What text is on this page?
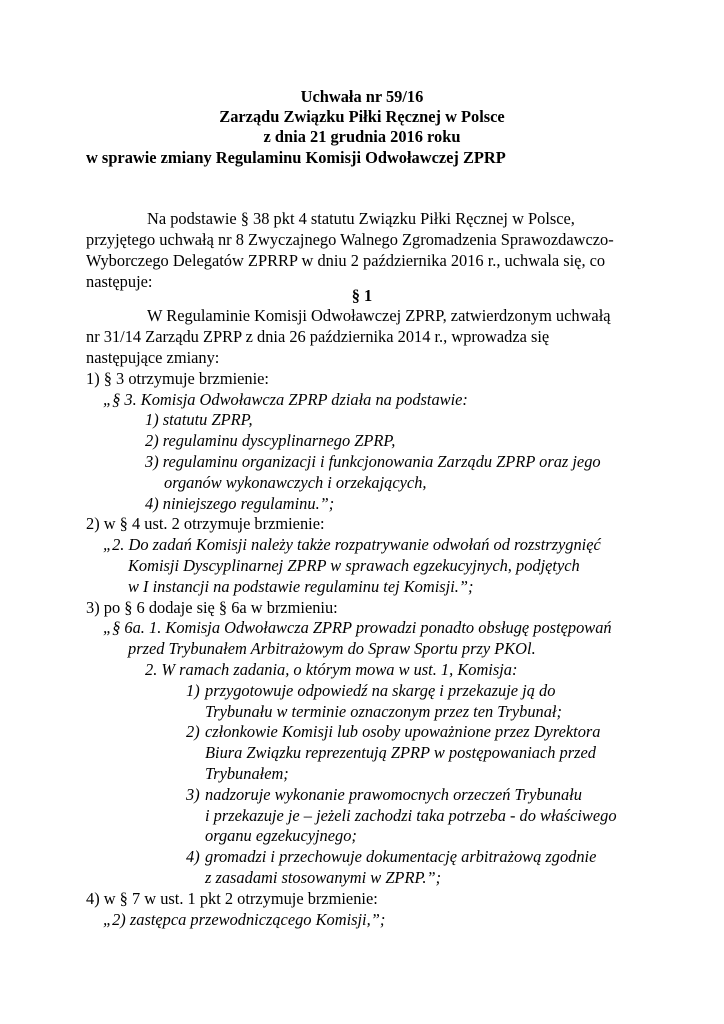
Uchwała nr 59/16
Zarządu Związku Piłki Ręcznej w Polsce
z dnia 21 grudnia 2016 roku
w sprawie zmiany Regulaminu Komisji Odwoławczej ZPRP
Na podstawie § 38 pkt 4 statutu Związku Piłki Ręcznej w Polsce,
przyjętego uchwałą nr 8 Zwyczajnego Walnego Zgromadzenia Sprawozdawczo-
Wyborczego Delegatów ZPRRP w dniu 2 października 2016 r., uchwala się, co
następuje:
§ 1
W Regulaminie Komisji Odwoławczej ZPRP, zatwierdzonym uchwałą
nr 31/14 Zarządu ZPRP z dnia 26 października 2014 r., wprowadza się
następujące zmiany:
1) § 3 otrzymuje brzmienie:
„§ 3. Komisja Odwoławcza ZPRP działa na podstawie:
1) statutu ZPRP,
2) regulaminu dyscyplinarnego ZPRP,
3) regulaminu organizacji i funkcjonowania Zarządu ZPRP oraz jego
organów wykonawczych i orzekających,
4) niniejszego regulaminu.”;
2) w § 4 ust. 2 otrzymuje brzmienie:
„2. Do zadań Komisji należy także rozpatrywanie odwołań od rozstrzygnięć
Komisji Dyscyplinarnej ZPRP w sprawach egzekucyjnych, podjętych
w I instancji na podstawie regulaminu tej Komisji.”;
3) po § 6 dodaje się § 6a w brzmieniu:
„§ 6a. 1. Komisja Odwoławcza ZPRP prowadzi ponadto obsługę postępowań
przed Trybunałem Arbitrażowym do Spraw Sportu przy PKOl.
2. W ramach zadania, o którym mowa w ust. 1, Komisja:
1) przygotowuje odpowiedź na skargę i przekazuje ją do
Trybunału w terminie oznaczonym przez ten Trybunał;
2) członkowie Komisji lub osoby upoważnione przez Dyrektora
Biura Związku reprezentują ZPRP w postępowaniach przed
Trybunałem;
3) nadzoruje wykonanie prawomocnych orzeczeń Trybunału
i przekazuje je – jeżeli zachodzi taka potrzeba - do właściwego
organu egzekucyjnego;
4) gromadzi i przechowuje dokumentację arbitrażową zgodnie
z zasadami stosowanymi w ZPRP.”;
4) w § 7 w ust. 1 pkt 2 otrzymuje brzmienie:
„2) zastępca przewodniczącego Komisji,”;
